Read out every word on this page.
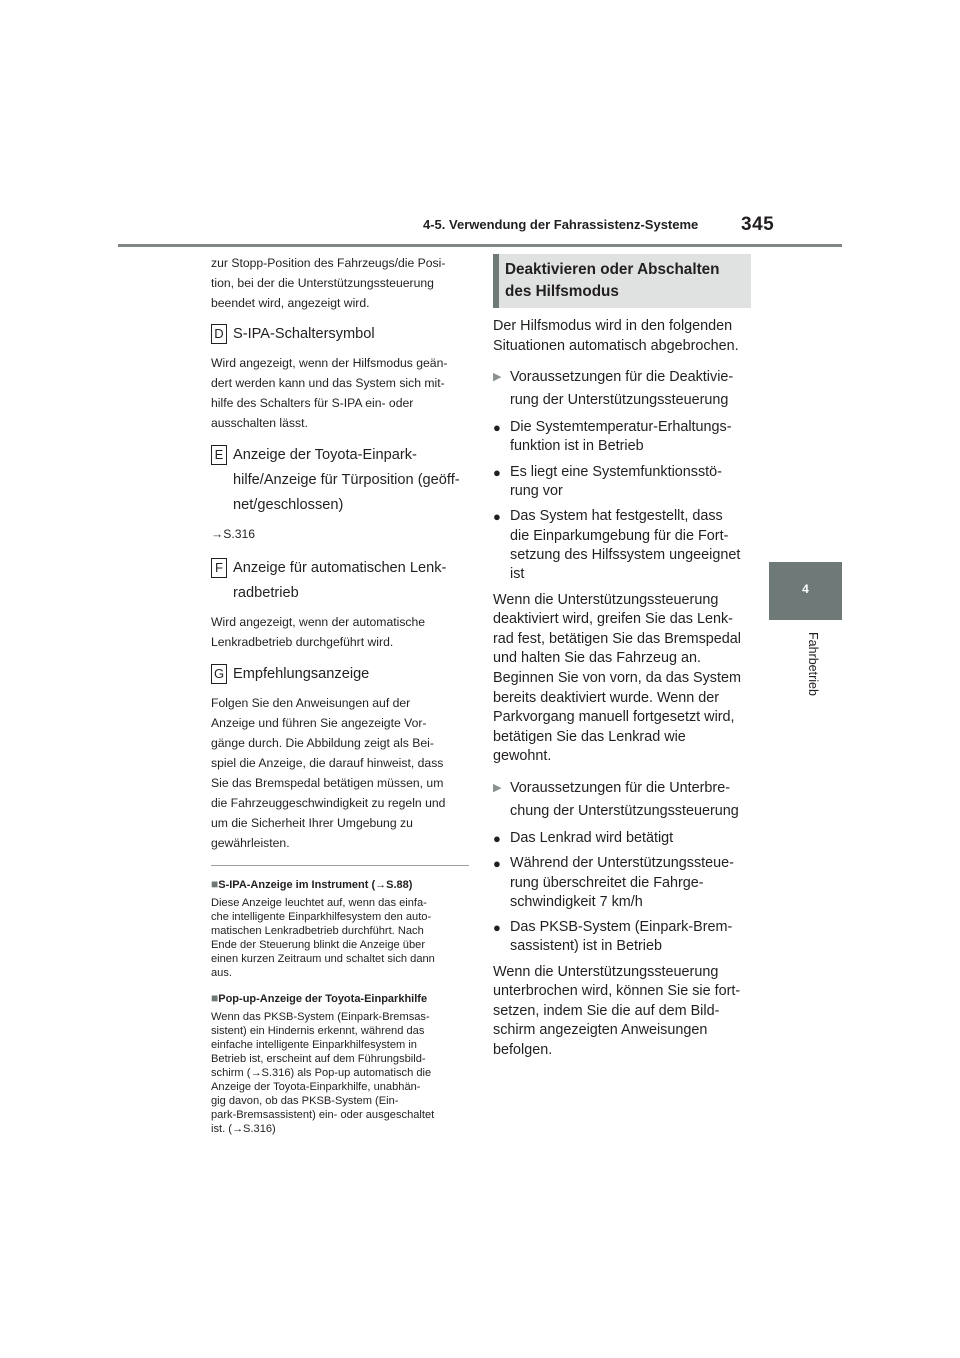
4-5. Verwendung der Fahrassistenz-Systeme 345
4
Fahrbetrieb

zur Stopp-Position des Fahrzeugs/die Posi-

tion, bei der die Unterstützungssteuerung

beendet wird, angezeigt wird.

D S-IPA-Schaltersymbol

Wird angezeigt, wenn der Hilfsmodus geän-

dert werden kann und das System sich mit-

hilfe des Schalters für S-IPA ein- oder

ausschalten lässt.

E Anzeige der Toyota-Einpark-
hilfe/Anzeige für Türposition (geöff-
net/geschlossen)

→S.316

F Anzeige für automatischen Lenk-
radbetrieb

Wird angezeigt, wenn der automatische

Lenkradbetrieb durchgeführt wird.

G Empfehlungsanzeige

Folgen Sie den Anweisungen auf der

Anzeige und führen Sie angezeigte Vor-

gänge durch. Die Abbildung zeigt als Bei-

spiel die Anzeige, die darauf hinweist, dass

Sie das Bremspedal betätigen müssen, um

die Fahrzeuggeschwindigkeit zu regeln und

um die Sicherheit Ihrer Umgebung zu

gewährleisten.

■S-IPA-Anzeige im Instrument (→S.88)

Diese Anzeige leuchtet auf, wenn das einfa-
che intelligente Einparkhilfesystem den auto-
matischen Lenkradbetrieb durchführt. Nach
Ende der Steuerung blinkt die Anzeige über
einen kurzen Zeitraum und schaltet sich dann
aus.

■Pop-up-Anzeige der Toyota-Einparkhilfe

Wenn das PKSB-System (Einpark-Bremsas-
sistent) ein Hindernis erkennt, während das
einfache intelligente Einparkhilfesystem in
Betrieb ist, erscheint auf dem Führungsbild-
schirm (→S.316) als Pop-up automatisch die
Anzeige der Toyota-Einparkhilfe, unabhän-
gig davon, ob das PKSB-System (Ein-
park-Bremsassistent) ein- oder ausgeschaltet
ist. (→S.316)
Deaktivieren oder Abschalten
des Hilfsmodus
Der Hilfsmodus wird in den folgenden
Situationen automatisch abgebrochen.
▶ Voraussetzungen für die Deaktivie-
rung der Unterstützungssteuerung
● Die Systemtemperatur-Erhaltungs-
funktion ist in Betrieb
● Es liegt eine Systemfunktionsstö-
rung vor
● Das System hat festgestellt, dass
die Einparkumgebung für die Fort-
setzung des Hilfssystem ungeeignet
ist
Wenn die Unterstützungssteuerung
deaktiviert wird, greifen Sie das Lenk-
rad fest, betätigen Sie das Bremspedal
und halten Sie das Fahrzeug an.
Beginnen Sie von vorn, da das System
bereits deaktiviert wurde. Wenn der
Parkvorgang manuell fortgesetzt wird,
betätigen Sie das Lenkrad wie
gewohnt.
▶ Voraussetzungen für die Unterbre-
chung der Unterstützungssteuerung
● Das Lenkrad wird betätigt
● Während der Unterstützungssteue-
rung überschreitet die Fahrge-
schwindigkeit 7 km/h
● Das PKSB-System (Einpark-Brem-
sassistent) ist in Betrieb
Wenn die Unterstützungssteuerung
unterbrochen wird, können Sie sie fort-
setzen, indem Sie die auf dem Bild-
schirm angezeigten Anweisungen
befolgen.
